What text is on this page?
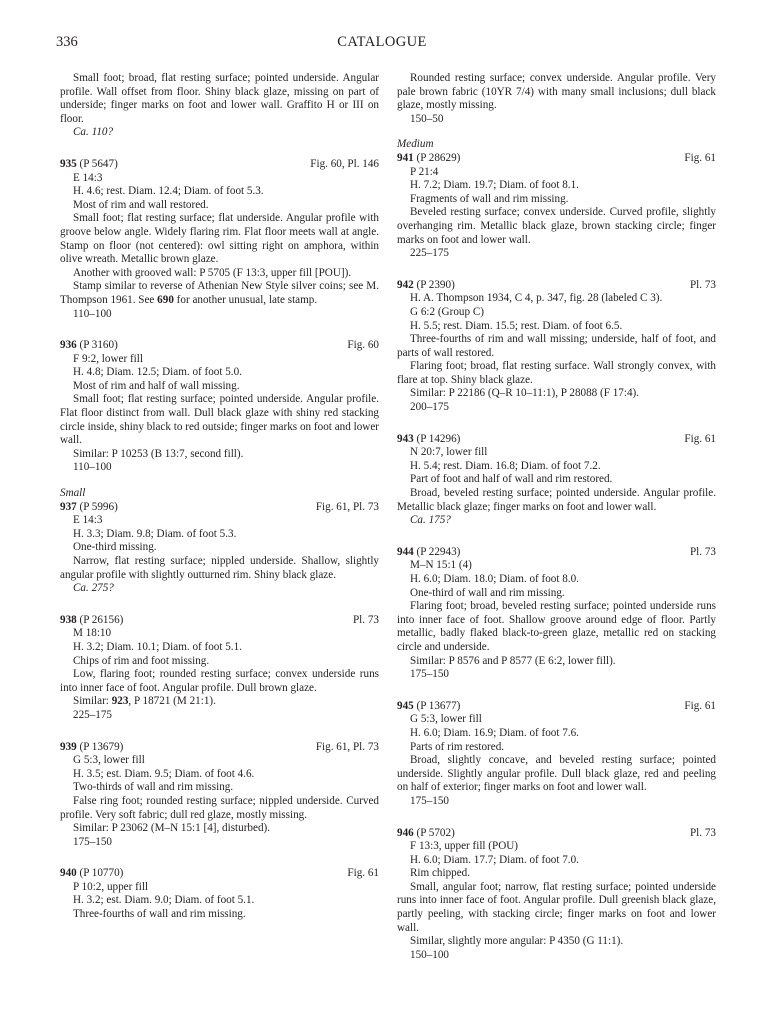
336	CATALOGUE

Small foot; broad, flat resting surface; pointed underside. Angular profile. Wall offset from floor. Shiny black glaze, missing on part of underside; finger marks on foot and lower wall. Graffito H or III on floor.

Ca. 110?

935 (P 5647)	Fig. 60, Pl. 146

E 14:3

H. 4.6; rest. Diam. 12.4; Diam. of foot 5.3.

Most of rim and wall restored.

Small foot; flat resting surface; flat underside. Angular profile with groove below angle. Widely flaring rim. Flat floor meets wall at angle. Stamp on floor (not centered): owl sitting right on amphora, within olive wreath. Metallic brown glaze.

Another with grooved wall: P 5705 (F 13:3, upper fill [POU]).

Stamp similar to reverse of Athenian New Style silver coins; see M. Thompson 1961. See 690 for another unusual, late stamp.

110–100

936 (P 3160)	Fig. 60

F 9:2, lower fill

H. 4.8; Diam. 12.5; Diam. of foot 5.0.

Most of rim and half of wall missing.

Small foot; flat resting surface; pointed underside. Angular profile. Flat floor distinct from wall. Dull black glaze with shiny red stacking circle inside, shiny black to red outside; finger marks on foot and lower wall.

Similar: P 10253 (B 13:7, second fill).

110–100

Small

937 (P 5996)	Fig. 61, Pl. 73

E 14:3

H. 3.3; Diam. 9.8; Diam. of foot 5.3.

One-third missing.

Narrow, flat resting surface; nippled underside. Shallow, slightly angular profile with slightly outturned rim. Shiny black glaze.

Ca. 275?

938 (P 26156)	Pl. 73

M 18:10

H. 3.2; Diam. 10.1; Diam. of foot 5.1.

Chips of rim and foot missing.

Low, flaring foot; rounded resting surface; convex underside runs into inner face of foot. Angular profile. Dull brown glaze.

Similar: 923, P 18721 (M 21:1).

225–175

939 (P 13679)	Fig. 61, Pl. 73

G 5:3, lower fill

H. 3.5; est. Diam. 9.5; Diam. of foot 4.6.

Two-thirds of wall and rim missing.

False ring foot; rounded resting surface; nippled underside. Curved profile. Very soft fabric; dull red glaze, mostly missing.

Similar: P 23062 (M–N 15:1 [4], disturbed).

175–150

940 (P 10770)	Fig. 61

P 10:2, upper fill

H. 3.2; est. Diam. 9.0; Diam. of foot 5.1.

Three-fourths of wall and rim missing.

Rounded resting surface; convex underside. Angular profile. Very pale brown fabric (10YR 7/4) with many small inclusions; dull black glaze, mostly missing.

150–50

Medium

941 (P 28629)	Fig. 61

P 21:4

H. 7.2; Diam. 19.7; Diam. of foot 8.1.

Fragments of wall and rim missing.

Beveled resting surface; convex underside. Curved profile, slightly overhanging rim. Metallic black glaze, brown stacking circle; finger marks on foot and lower wall.

225–175

942 (P 2390)	Pl. 73

H. A. Thompson 1934, C 4, p. 347, fig. 28 (labeled C 3).

G 6:2 (Group C)

H. 5.5; rest. Diam. 15.5; rest. Diam. of foot 6.5.

Three-fourths of rim and wall missing; underside, half of foot, and parts of wall restored.

Flaring foot; broad, flat resting surface. Wall strongly convex, with flare at top. Shiny black glaze.

Similar: P 22186 (Q–R 10–11:1), P 28088 (F 17:4).

200–175

943 (P 14296)	Fig. 61

N 20:7, lower fill

H. 5.4; rest. Diam. 16.8; Diam. of foot 7.2.

Part of foot and half of wall and rim restored.

Broad, beveled resting surface; pointed underside. Angular profile. Metallic black glaze; finger marks on foot and lower wall.

Ca. 175?

944 (P 22943)	Pl. 73

M–N 15:1 (4)

H. 6.0; Diam. 18.0; Diam. of foot 8.0.

One-third of wall and rim missing.

Flaring foot; broad, beveled resting surface; pointed underside runs into inner face of foot. Shallow groove around edge of floor. Partly metallic, badly flaked black-to-green glaze, metallic red on stacking circle and underside.

Similar: P 8576 and P 8577 (E 6:2, lower fill).

175–150

945 (P 13677)	Fig. 61

G 5:3, lower fill

H. 6.0; Diam. 16.9; Diam. of foot 7.6.

Parts of rim restored.

Broad, slightly concave, and beveled resting surface; pointed underside. Slightly angular profile. Dull black glaze, red and peeling on half of exterior; finger marks on foot and lower wall.

175–150

946 (P 5702)	Pl. 73

F 13:3, upper fill (POU)

H. 6.0; Diam. 17.7; Diam. of foot 7.0.

Rim chipped.

Small, angular foot; narrow, flat resting surface; pointed underside runs into inner face of foot. Angular profile. Dull greenish black glaze, partly peeling, with stacking circle; finger marks on foot and lower wall.

Similar, slightly more angular: P 4350 (G 11:1).

150–100
